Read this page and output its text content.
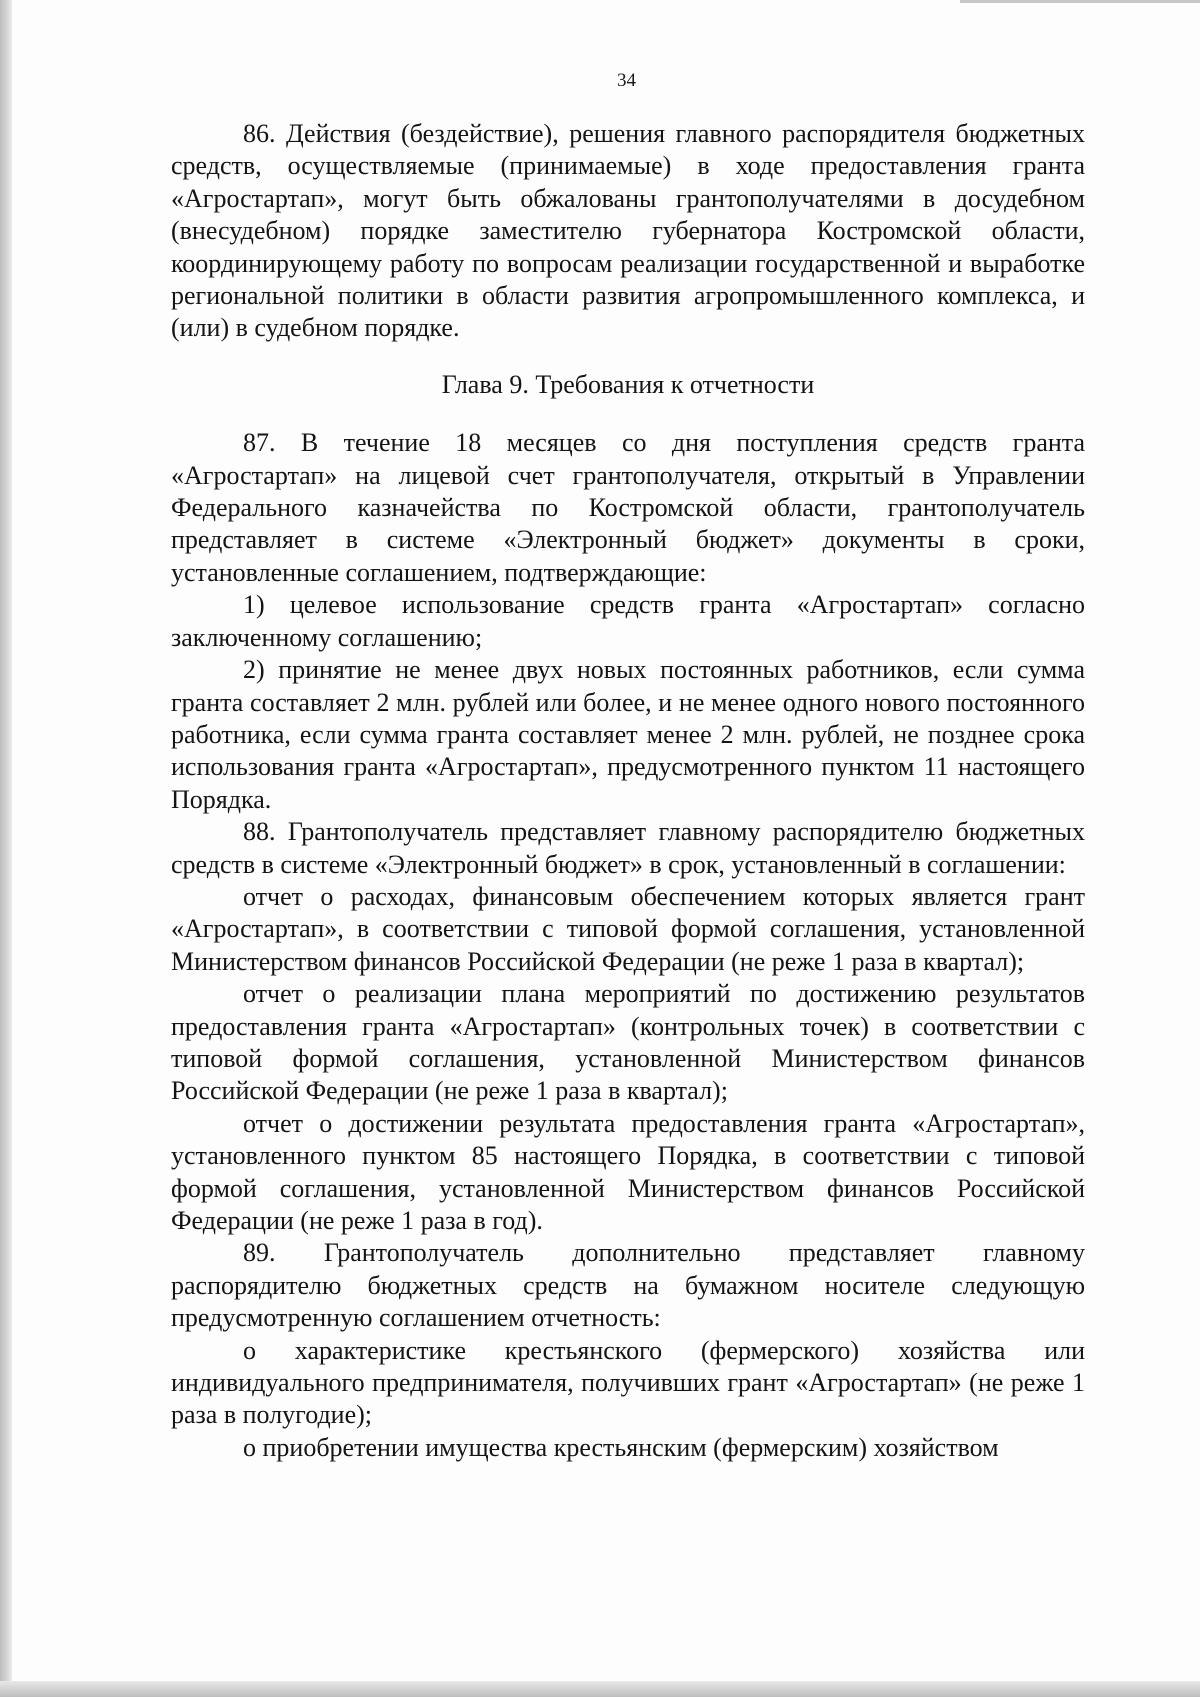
34

86. Действия (бездействие), решения главного распорядителя бюджетных средств, осуществляемые (принимаемые) в ходе предоставления гранта «Агростартап», могут быть обжалованы грантополучателями в досудебном (внесудебном) порядке заместителю губернатора Костромской области, координирующему работу по вопросам реализации государственной и выработке региональной политики в области развития агропромышленного комплекса, и (или) в судебном порядке.

Глава 9. Требования к отчетности

87. В течение 18 месяцев со дня поступления средств гранта «Агростартап» на лицевой счет грантополучателя, открытый в Управлении Федерального казначейства по Костромской области, грантополучатель представляет в системе «Электронный бюджет» документы в сроки, установленные соглашением, подтверждающие:

1) целевое использование средств гранта «Агростартап» согласно заключенному соглашению;

2) принятие не менее двух новых постоянных работников, если сумма гранта составляет 2 млн. рублей или более, и не менее одного нового постоянного работника, если сумма гранта составляет менее 2 млн. рублей, не позднее срока использования гранта «Агростартап», предусмотренного пунктом 11 настоящего Порядка.

88. Грантополучатель представляет главному распорядителю бюджетных средств в системе «Электронный бюджет» в срок, установленный в соглашении:

отчет о расходах, финансовым обеспечением которых является грант «Агростартап», в соответствии с типовой формой соглашения, установленной Министерством финансов Российской Федерации (не реже 1 раза в квартал);

отчет о реализации плана мероприятий по достижению результатов предоставления гранта «Агростартап» (контрольных точек) в соответствии с типовой формой соглашения, установленной Министерством финансов Российской Федерации (не реже 1 раза в квартал);

отчет о достижении результата предоставления гранта «Агростартап», установленного пунктом 85 настоящего Порядка, в соответствии с типовой формой соглашения, установленной Министерством финансов Российской Федерации (не реже 1 раза в год).

89. Грантополучатель дополнительно представляет главному распорядителю бюджетных средств на бумажном носителе следующую предусмотренную соглашением отчетность:

о характеристике крестьянского (фермерского) хозяйства или индивидуального предпринимателя, получивших грант «Агростартап» (не реже 1 раза в полугодие);

о приобретении имущества крестьянским (фермерским) хозяйством
